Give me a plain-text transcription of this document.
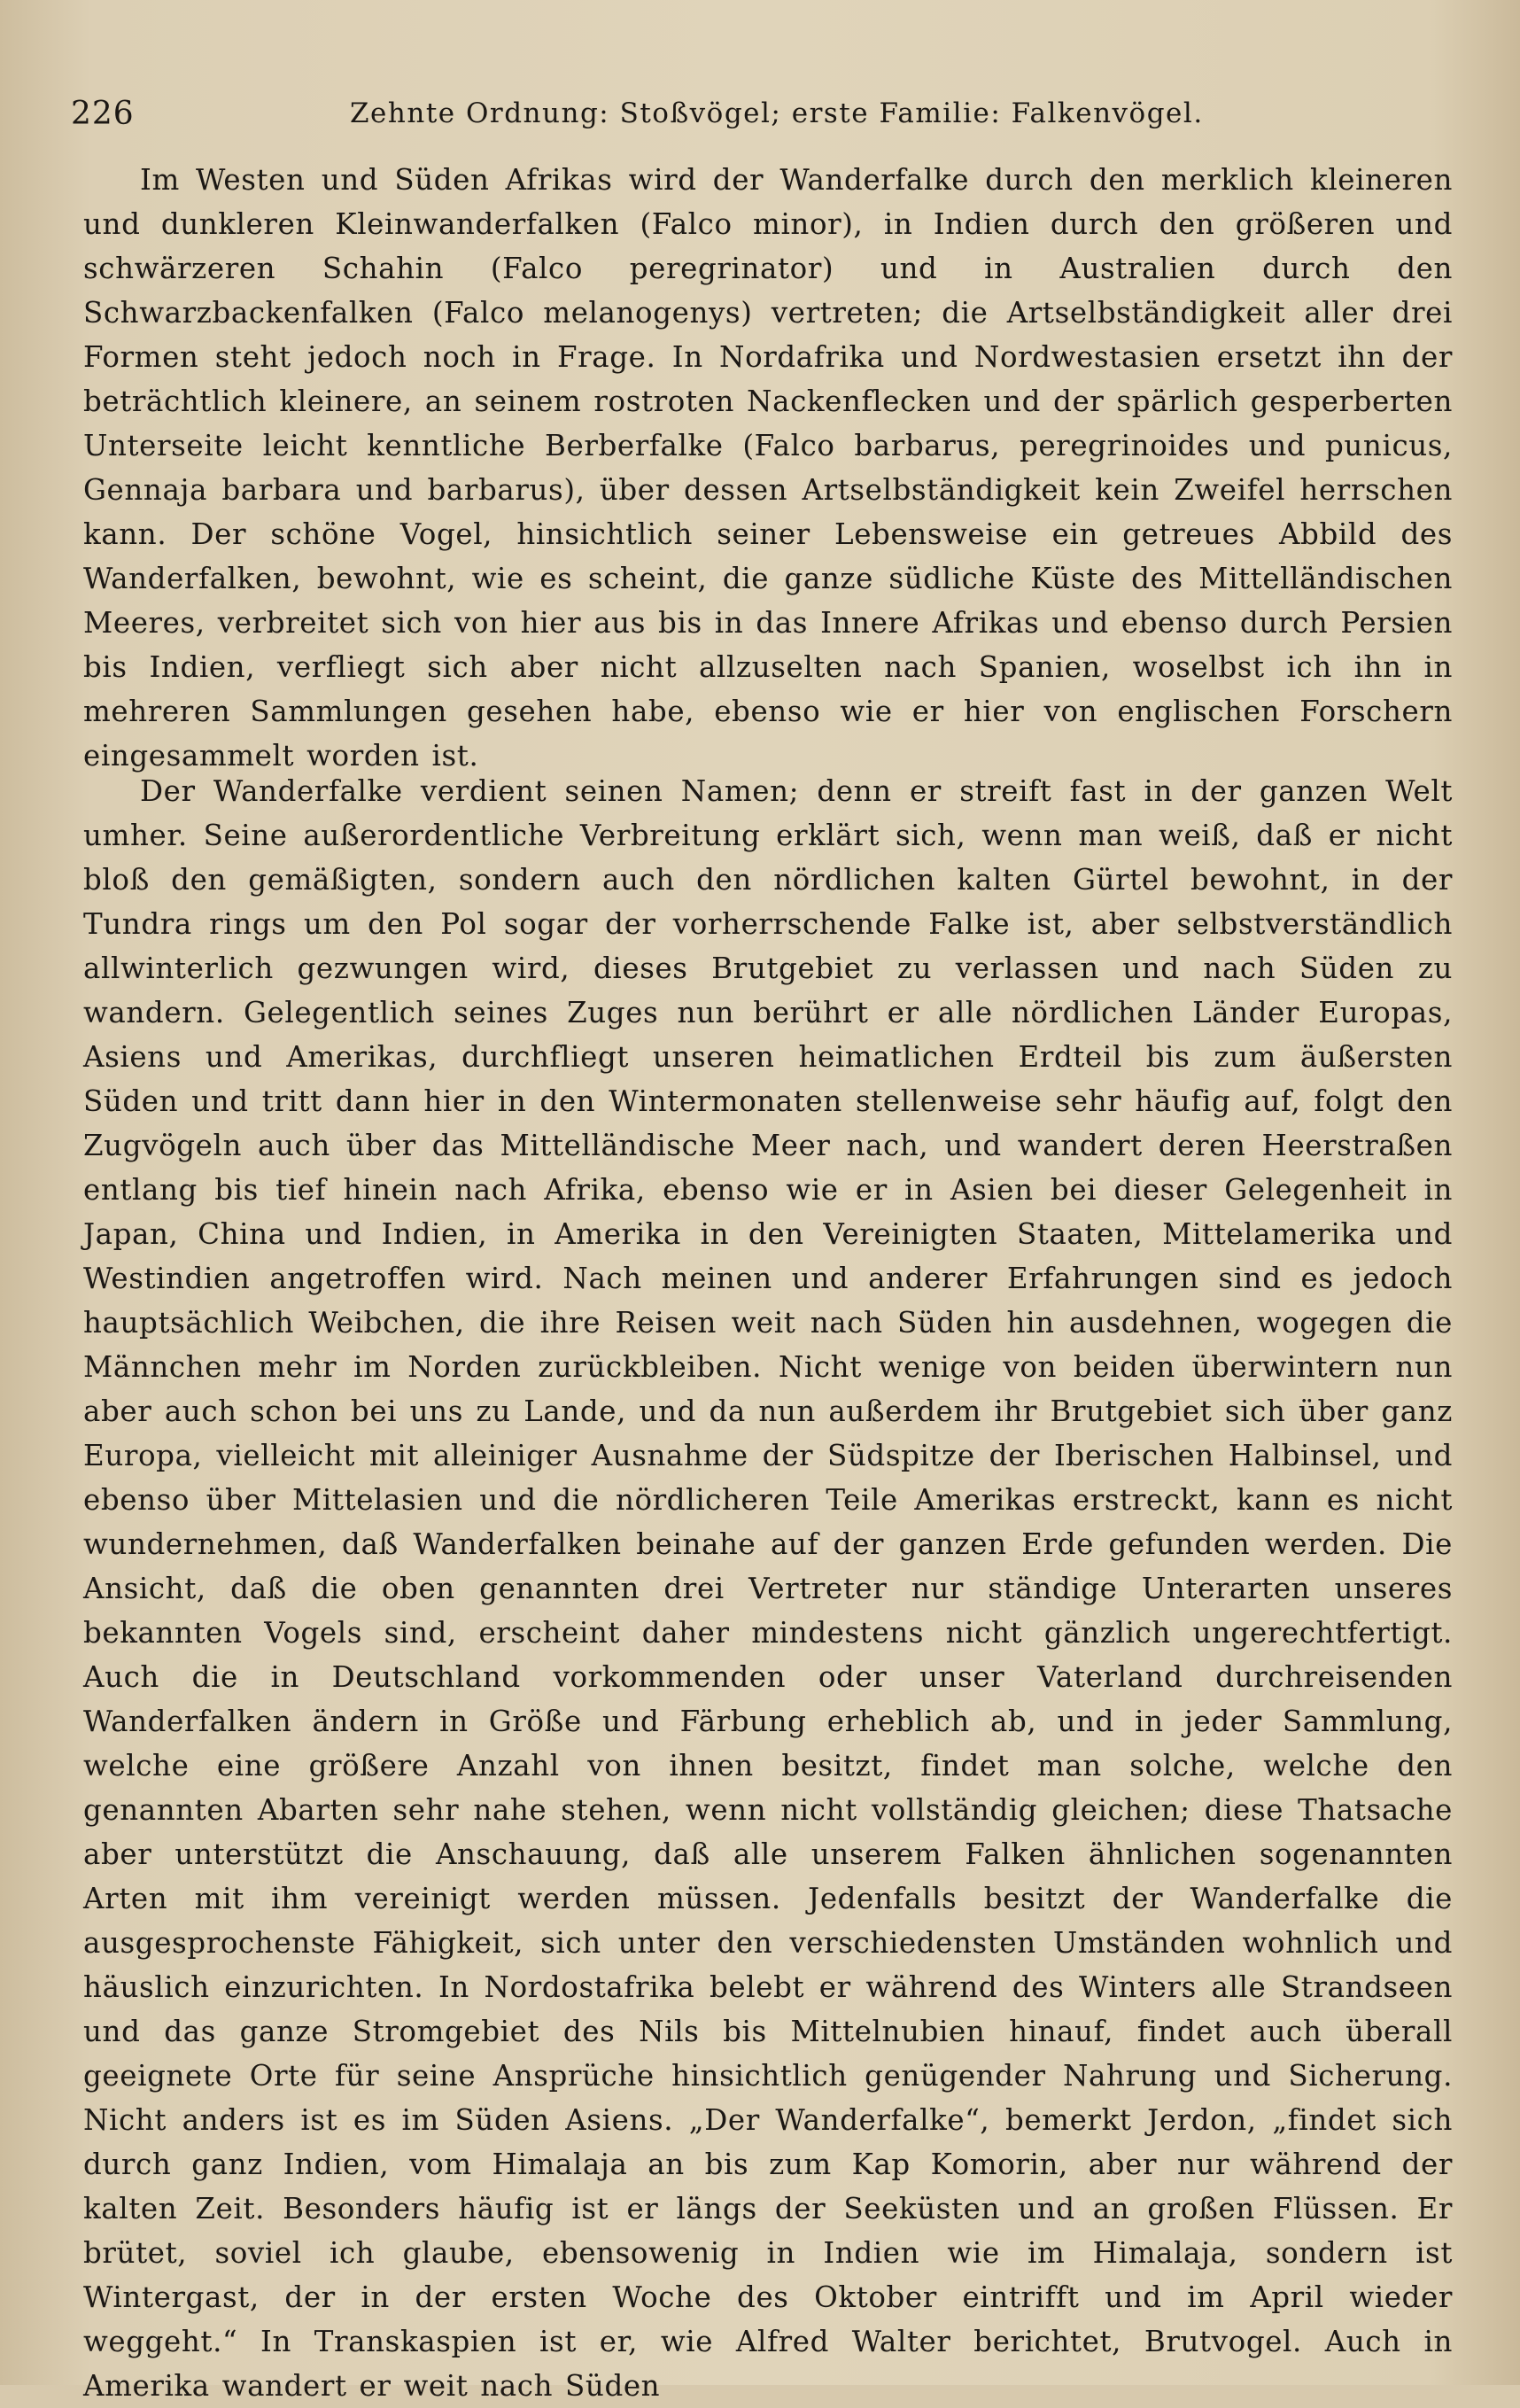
226	Zehnte Ordnung: Stoßvögel; erste Familie: Falkenvögel.

Im Westen und Süden Afrikas wird der Wanderfalke durch den merklich kleineren und dunkleren Kleinwanderfalken (Falco minor), in Indien durch den größeren und schwärzeren Schahin (Falco peregrinator) und in Australien durch den Schwarzbackenfalken (Falco melanogenys) vertreten; die Artselbständigkeit aller drei Formen steht jedoch noch in Frage. In Nordafrika und Nordwestasien ersetzt ihn der beträchtlich kleinere, an seinem rostroten Nackenflecken und der spärlich gesperberten Unterseite leicht kenntliche Berberfalke (Falco barbarus, peregrinoides und punicus, Gennaja barbara und barbarus), über dessen Artselbständigkeit kein Zweifel herrschen kann. Der schöne Vogel, hinsichtlich seiner Lebensweise ein getreues Abbild des Wanderfalken, bewohnt, wie es scheint, die ganze südliche Küste des Mittelländischen Meeres, verbreitet sich von hier aus bis in das Innere Afrikas und ebenso durch Persien bis Indien, verfliegt sich aber nicht allzuselten nach Spanien, woselbst ich ihn in mehreren Sammlungen gesehen habe, ebenso wie er hier von englischen Forschern eingesammelt worden ist.

Der Wanderfalke verdient seinen Namen; denn er streift fast in der ganzen Welt umher. Seine außerordentliche Verbreitung erklärt sich, wenn man weiß, daß er nicht bloß den gemäßigten, sondern auch den nördlichen kalten Gürtel bewohnt, in der Tundra rings um den Pol sogar der vorherrschende Falke ist, aber selbstverständlich allwinterlich gezwungen wird, dieses Brutgebiet zu verlassen und nach Süden zu wandern. Gelegentlich seines Zuges nun berührt er alle nördlichen Länder Europas, Asiens und Amerikas, durchfliegt unseren heimatlichen Erdteil bis zum äußersten Süden und tritt dann hier in den Wintermonaten stellenweise sehr häufig auf, folgt den Zugvögeln auch über das Mittelländische Meer nach, und wandert deren Heerstraßen entlang bis tief hinein nach Afrika, ebenso wie er in Asien bei dieser Gelegenheit in Japan, China und Indien, in Amerika in den Vereinigten Staaten, Mittelamerika und Westindien angetroffen wird. Nach meinen und anderer Erfahrungen sind es jedoch hauptsächlich Weibchen, die ihre Reisen weit nach Süden hin ausdehnen, wogegen die Männchen mehr im Norden zurückbleiben. Nicht wenige von beiden überwintern nun aber auch schon bei uns zu Lande, und da nun außerdem ihr Brutgebiet sich über ganz Europa, vielleicht mit alleiniger Ausnahme der Südspitze der Iberischen Halbinsel, und ebenso über Mittelasien und die nördlicheren Teile Amerikas erstreckt, kann es nicht wundernehmen, daß Wanderfalken beinahe auf der ganzen Erde gefunden werden. Die Ansicht, daß die oben genannten drei Vertreter nur ständige Unterarten unseres bekannten Vogels sind, erscheint daher mindestens nicht gänzlich ungerechtfertigt. Auch die in Deutschland vorkommenden oder unser Vaterland durchreisenden Wanderfalken ändern in Größe und Färbung erheblich ab, und in jeder Sammlung, welche eine größere Anzahl von ihnen besitzt, findet man solche, welche den genannten Abarten sehr nahe stehen, wenn nicht vollständig gleichen; diese Thatsache aber unterstützt die Anschauung, daß alle unserem Falken ähnlichen sogenannten Arten mit ihm vereinigt werden müssen. Jedenfalls besitzt der Wanderfalke die ausgesprochenste Fähigkeit, sich unter den verschiedensten Umständen wohnlich und häuslich einzurichten. In Nordostafrika belebt er während des Winters alle Strandseen und das ganze Stromgebiet des Nils bis Mittelnubien hinauf, findet auch überall geeignete Orte für seine Ansprüche hinsichtlich genügender Nahrung und Sicherung. Nicht anders ist es im Süden Asiens. „Der Wanderfalke“, bemerkt Jerdon, „findet sich durch ganz Indien, vom Himalaja an bis zum Kap Komorin, aber nur während der kalten Zeit. Besonders häufig ist er längs der Seeküsten und an großen Flüssen. Er brütet, soviel ich glaube, ebensowenig in Indien wie im Himalaja, sondern ist Wintergast, der in der ersten Woche des Oktober eintrifft und im April wieder weggeht.“ In Transkaspien ist er, wie Alfred Walter berichtet, Brutvogel. Auch in Amerika wandert er weit nach Süden
